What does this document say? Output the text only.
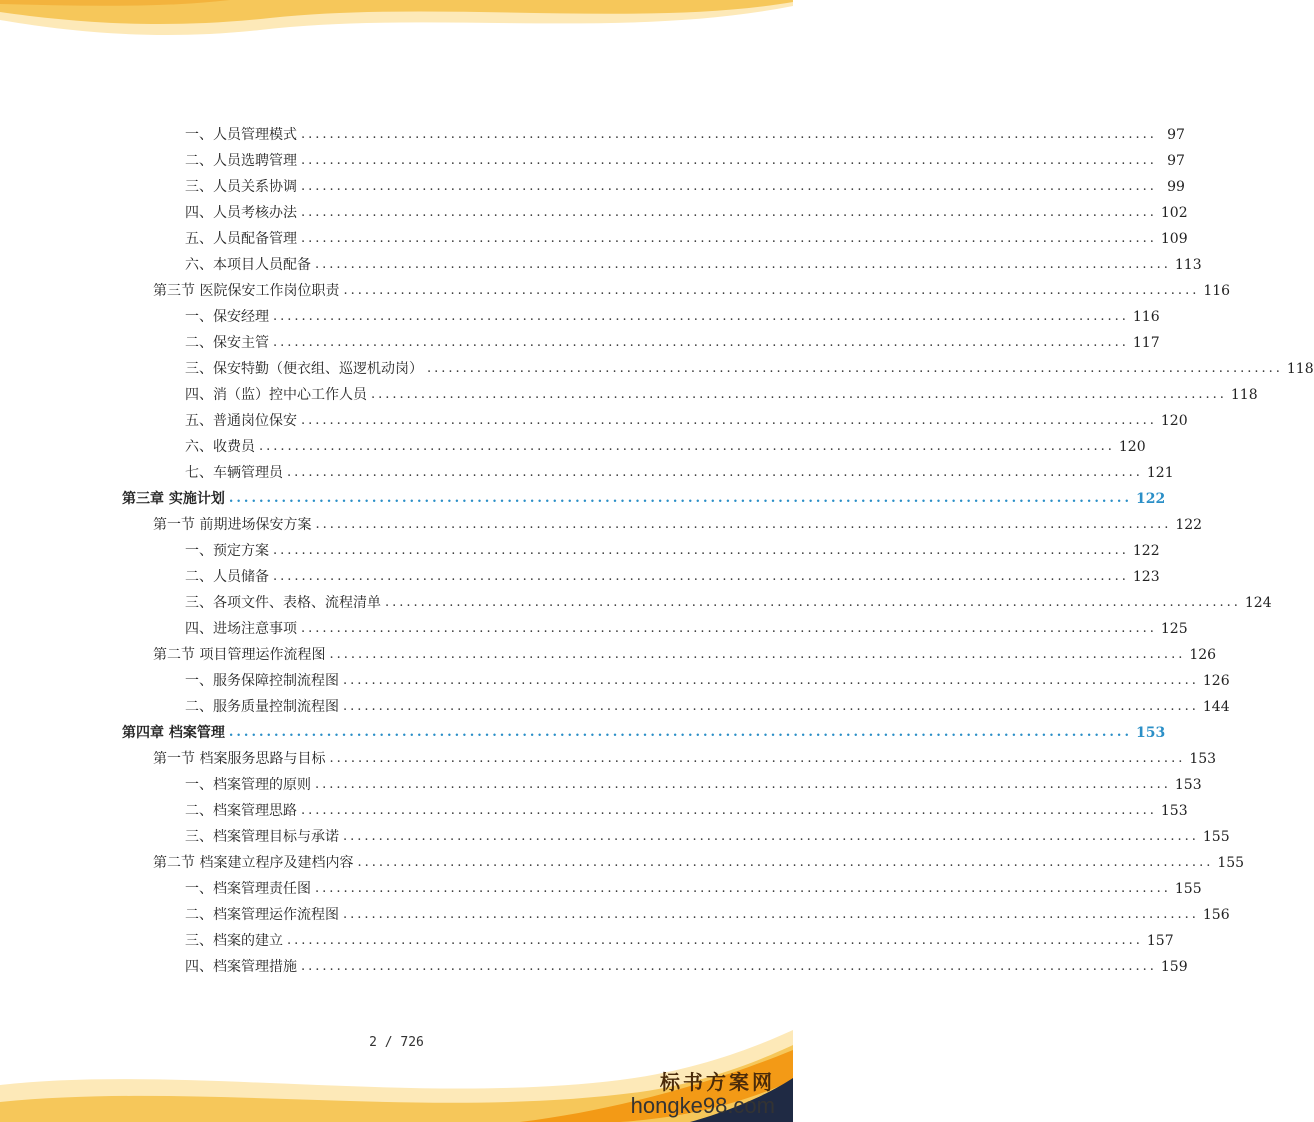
一、人员管理模式 ........................................................................................................................ 97
二、人员选聘管理 ........................................................................................................................ 97
三、人员关系协调 ........................................................................................................................ 99
四、人员考核办法 ........................................................................................................................ 102
五、人员配备管理 ........................................................................................................................ 109
六、本项目人员配备 ........................................................................................................................ 113
第三节 医院保安工作岗位职责 ........................................................................................................................ 116
一、保安经理 ........................................................................................................................ 116
二、保安主管 ........................................................................................................................ 117
三、保安特勤（便衣组、巡逻机动岗） ........................................................................................................................ 118
四、消（监）控中心工作人员 ........................................................................................................................ 118
五、普通岗位保安 ........................................................................................................................ 120
六、收费员 ........................................................................................................................ 120
七、车辆管理员 ........................................................................................................................ 121
第三章 实施计划 ........................................................................................................................ 122
第一节 前期进场保安方案 ........................................................................................................................ 122
一、预定方案 ........................................................................................................................ 122
二、人员储备 ........................................................................................................................ 123
三、各项文件、表格、流程清单 ........................................................................................................................ 124
四、进场注意事项 ........................................................................................................................ 125
第二节 项目管理运作流程图 ........................................................................................................................ 126
一、服务保障控制流程图 ........................................................................................................................ 126
二、服务质量控制流程图 ........................................................................................................................ 144
第四章 档案管理 ........................................................................................................................ 153
第一节 档案服务思路与目标 ........................................................................................................................ 153
一、档案管理的原则 ........................................................................................................................ 153
二、档案管理思路 ........................................................................................................................ 153
三、档案管理目标与承诺 ........................................................................................................................ 155
第二节 档案建立程序及建档内容 ........................................................................................................................ 155
一、档案管理责任图 ........................................................................................................................ 155
二、档案管理运作流程图 ........................................................................................................................ 156
三、档案的建立 ........................................................................................................................ 157
四、档案管理措施 ........................................................................................................................ 159
2 / 726
标书方案网
hongke98.com
